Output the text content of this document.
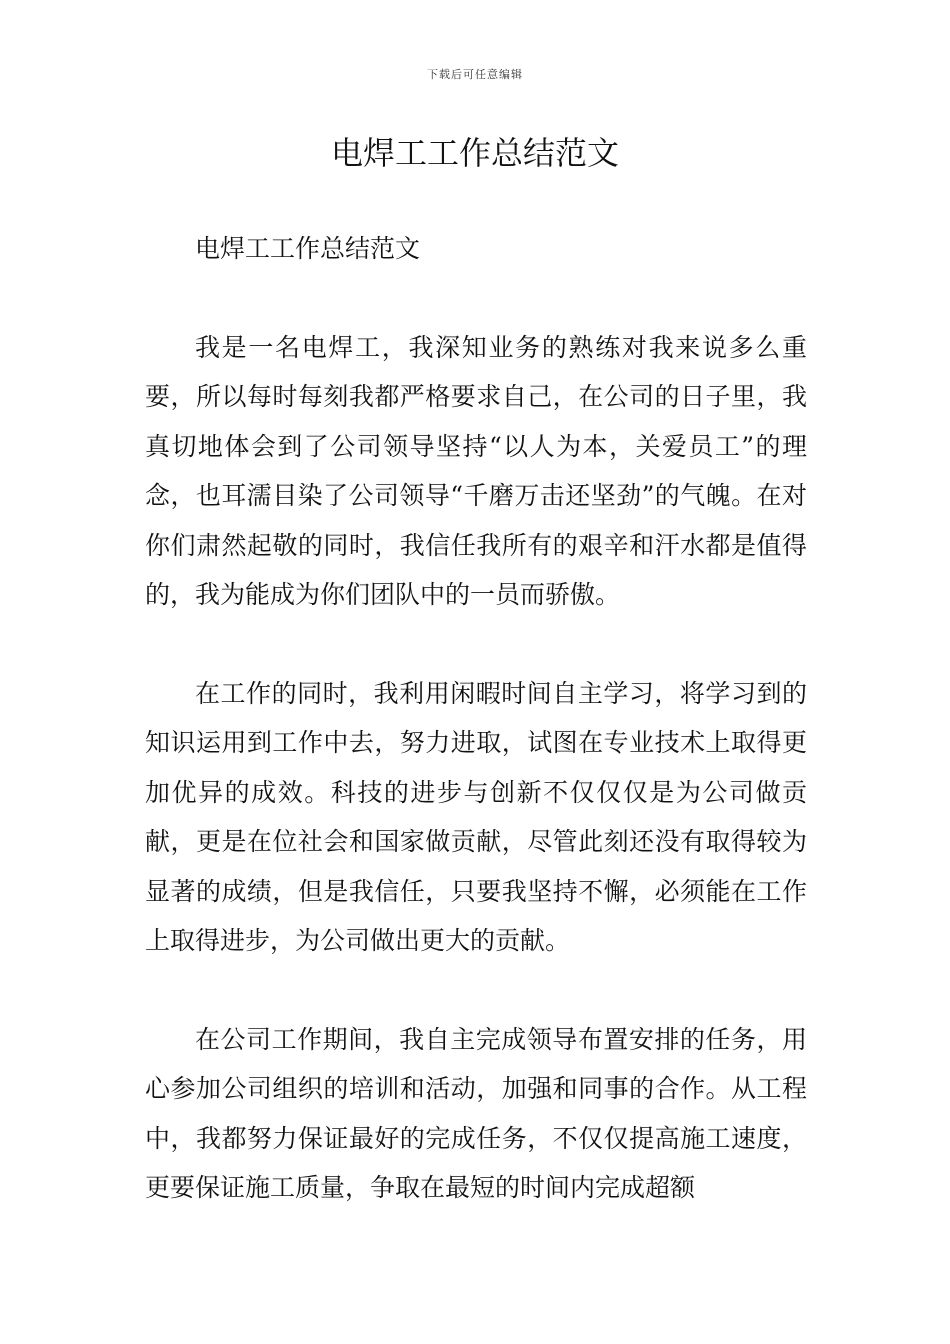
下载后可任意编辑
电焊工工作总结范文

电焊工工作总结范文

我是一名电焊工，我深知业务的熟练对我来说多么重要，所以每时每刻我都严格要求自己，在公司的日子里，我真切地体会到了公司领导坚持“以人为本，关爱员工”的理念，也耳濡目染了公司领导“千磨万击还坚劲”的气魄。在对你们肃然起敬的同时，我信任我所有的艰辛和汗水都是值得的，我为能成为你们团队中的一员而骄傲。

在工作的同时，我利用闲暇时间自主学习，将学习到的知识运用到工作中去，努力进取，试图在专业技术上取得更加优异的成效。科技的进步与创新不仅仅仅是为公司做贡献，更是在位社会和国家做贡献，尽管此刻还没有取得较为显著的成绩，但是我信任，只要我坚持不懈，必须能在工作上取得进步，为公司做出更大的贡献。

在公司工作期间，我自主完成领导布置安排的任务，用心参加公司组织的培训和活动，加强和同事的合作。从工程中，我都努力保证最好的完成任务，不仅仅提高施工速度，更要保证施工质量，争取在最短的时间内完成超额
